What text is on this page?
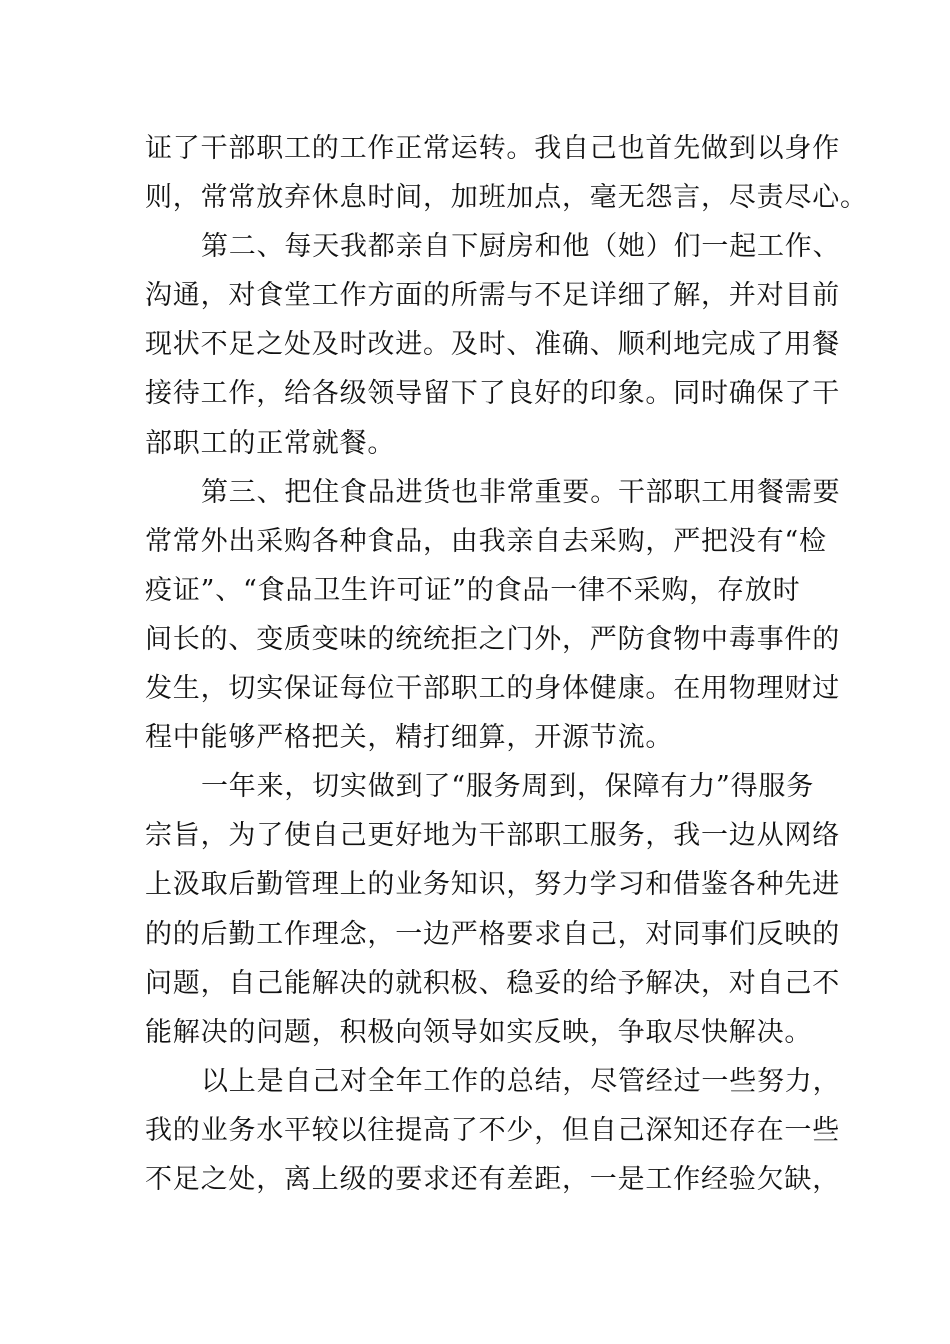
证了干部职工的工作正常运转。我自己也首先做到以身作
则，常常放弃休息时间，加班加点，毫无怨言，尽责尽心。
第二、每天我都亲自下厨房和他（她）们一起工作、
沟通，对食堂工作方面的所需与不足详细了解，并对目前
现状不足之处及时改进。及时、准确、顺利地完成了用餐
接待工作，给各级领导留下了良好的印象。同时确保了干
部职工的正常就餐。
第三、把住食品进货也非常重要。干部职工用餐需要
常常外出采购各种食品，由我亲自去采购，严把没有“检
疫证”、“食品卫生许可证”的食品一律不采购，存放时
间长的、变质变味的统统拒之门外，严防食物中毒事件的
发生，切实保证每位干部职工的身体健康。在用物理财过
程中能够严格把关，精打细算，开源节流。
一年来，切实做到了“服务周到，保障有力”得服务
宗旨，为了使自己更好地为干部职工服务，我一边从网络
上汲取后勤管理上的业务知识，努力学习和借鉴各种先进
的的后勤工作理念，一边严格要求自己，对同事们反映的
问题，自己能解决的就积极、稳妥的给予解决，对自己不
能解决的问题，积极向领导如实反映，争取尽快解决。
以上是自己对全年工作的总结，尽管经过一些努力，
我的业务水平较以往提高了不少，但自己深知还存在一些
不足之处，离上级的要求还有差距，一是工作经验欠缺，
